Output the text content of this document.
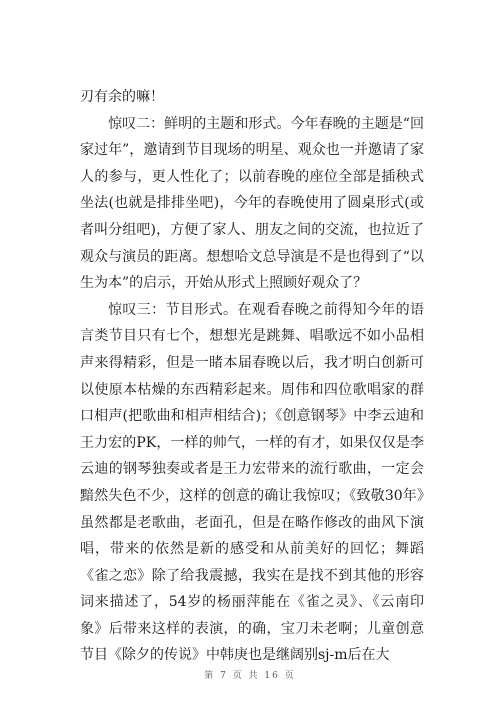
刃有余的嘛！

惊叹二：鲜明的主题和形式。今年春晚的主题是“回家过年”，邀请到节目现场的明星、观众也一并邀请了家人的参与，更人性化了；以前春晚的座位全部是插秧式坐法(也就是排排坐吧)，今年的春晚使用了圆桌形式(或者叫分组吧)，方便了家人、朋友之间的交流，也拉近了观众与演员的距离。想想哈文总导演是不是也得到了“以生为本”的启示，开始从形式上照顾好观众了？

惊叹三：节目形式。在观看春晚之前得知今年的语言类节目只有七个，想想光是跳舞、唱歌远不如小品相声来得精彩，但是一睹本届春晚以后，我才明白创新可以使原本枯燥的东西精彩起来。周伟和四位歌唱家的群口相声(把歌曲和相声相结合)；《创意钢琴》中李云迪和王力宏的PK，一样的帅气，一样的有才，如果仅仅是李云迪的钢琴独奏或者是王力宏带来的流行歌曲，一定会黯然失色不少，这样的创意的确让我惊叹；《致敬30年》虽然都是老歌曲，老面孔，但是在略作修改的曲风下演唱，带来的依然是新的感受和从前美好的回忆；舞蹈《雀之恋》除了给我震撼，我实在是找不到其他的形容词来描述了，54岁的杨丽萍能在《雀之灵》、《云南印象》后带来这样的表演，的确，宝刀未老啊；儿童创意节目《除夕的传说》中韩庚也是继阔别sj-m后在大

第 7 页 共 16 页
